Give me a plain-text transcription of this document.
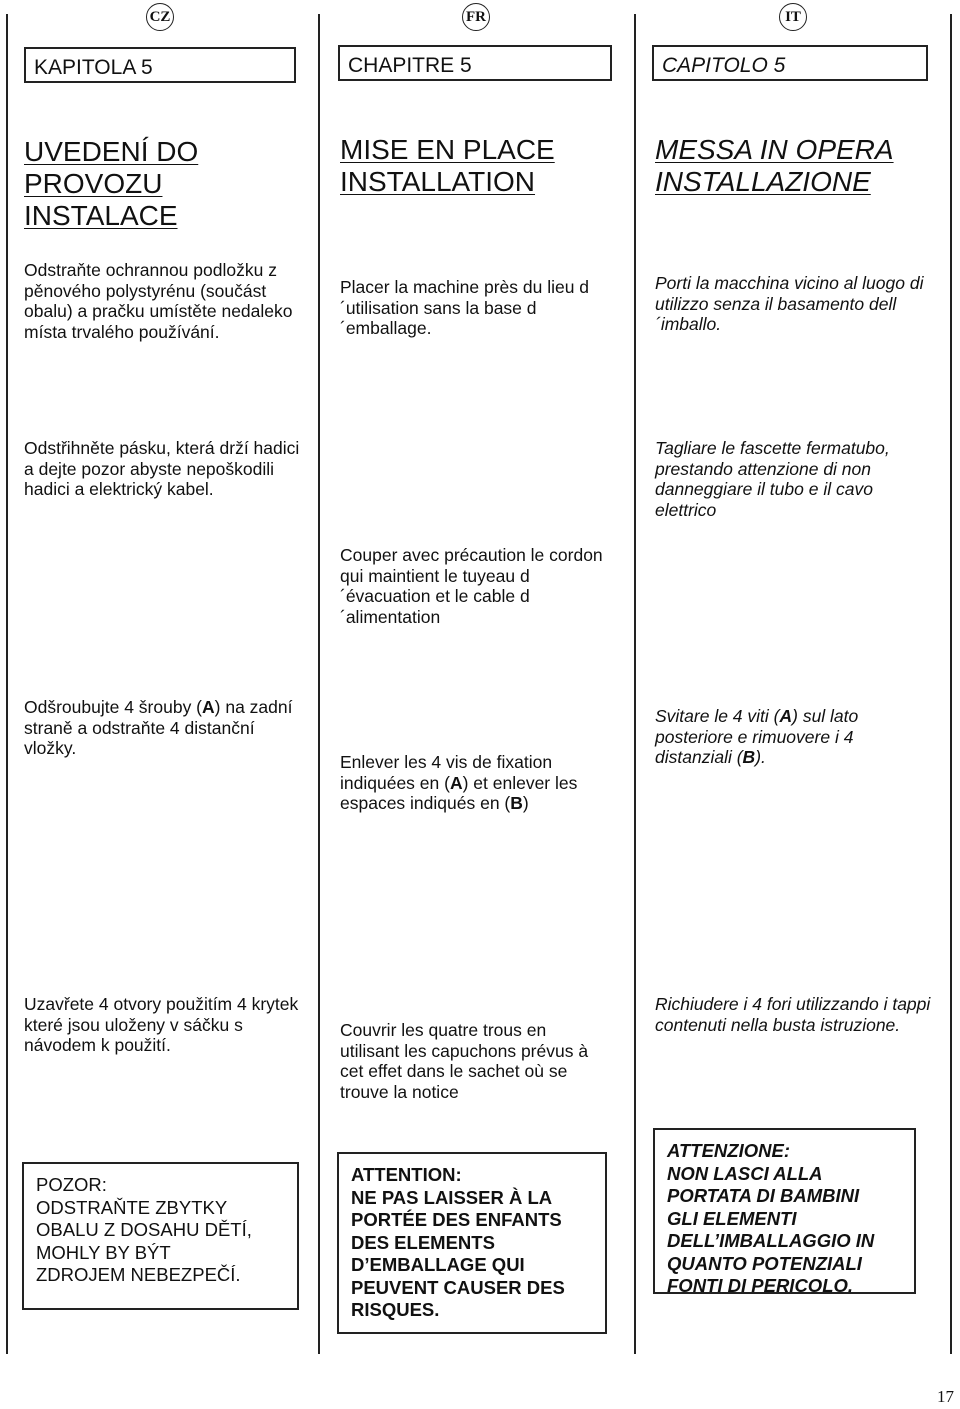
CZ	FR	IT
KAPITOLA 5	CHAPITRE 5	CAPITOLO 5
UVEDENÍ DO
PROVOZU
INSTALACE
MISE EN PLACE
INSTALLATION
MESSA IN OPERA
INSTALLAZIONE
Odstraňte ochrannou podložku z pěnového polystyrénu (součást obalu) a pračku umístěte nedaleko místa trvalého používání.
Placer la machine près du lieu d´utilisation sans la base d´emballage.
Porti la macchina vicino al luogo di utilizzo senza il basamento dell´imballo.
Odstřihněte pásku, která drží hadici a dejte pozor abyste nepoškodili hadici a elektrický kabel.
Couper avec précaution le cordon qui maintient le tuyeau d´évacuation et le cable d´alimentation
Tagliare le fascette fermatubo, prestando attenzione di non danneggiare il tubo e il cavo elettrico
Odšroubujte 4 šrouby (A) na zadní straně a odstraňte 4 distanční vložky.
Enlever les 4 vis de fixation indiquées en (A) et enlever les espaces indiqués en (B)
Svitare le 4 viti (A) sul lato posteriore e rimuovere i 4 distanziali (B).
Uzavřete 4 otvory použitím 4 krytek které jsou uloženy v sáčku s návodem k použití.
Couvrir les quatre trous en utilisant les capuchons prévus à cet effet dans le sachet où se trouve la notice
Richiudere i 4 fori utilizzando i tappi contenuti nella busta istruzione.
POZOR:
ODSTRAŇTE ZBYTKY
OBALU Z DOSAHU DĚTÍ,
MOHLY BY BÝT
ZDROJEM NEBEZPEČÍ.
ATTENTION:
NE PAS LAISSER À LA
PORTÉE DES ENFANTS
DES ELEMENTS
D’EMBALLAGE QUI
PEUVENT CAUSER DES
RISQUES.
ATTENZIONE:
NON LASCI ALLA
PORTATA DI BAMBINI
GLI ELEMENTI
DELL’IMBALLAGGIO IN
QUANTO POTENZIALI
FONTI DI PERICOLO.
17
